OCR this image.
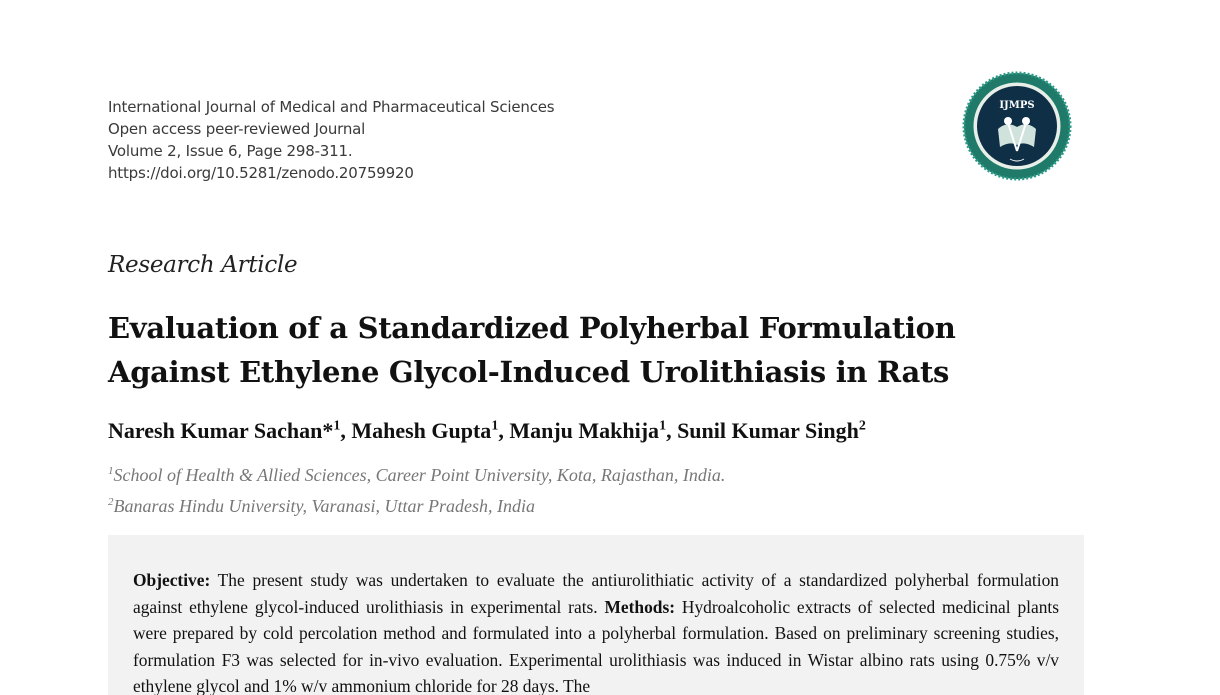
International Journal of Medical and Pharmaceutical Sciences
Open access peer-reviewed Journal
Volume 2, Issue 6, Page 298-311.
https://doi.org/10.5281/zenodo.20759920
IJMPS
Research Article
Evaluation of a Standardized Polyherbal Formulation
Against Ethylene Glycol-Induced Urolithiasis in Rats
Naresh Kumar Sachan*$^1$, Mahesh Gupta$^1$, Manju Makhija$^1$, Sunil Kumar Singh$^2$
$^1$School of Health & Allied Sciences, Career Point University, Kota, Rajasthan, India.
$^2$Banaras Hindu University, Varanasi, Uttar Pradesh, India

Objective: The present study was undertaken to evaluate the antiurolithiatic activity of a standardized polyherbal formulation against ethylene glycol-induced urolithiasis in experimental rats. Methods: Hydroalcoholic extracts of selected medicinal plants were prepared by cold percolation method and formulated into a polyherbal formulation. Based on preliminary screening studies, formulation F3 was selected for in-vivo evaluation. Experimental urolithiasis was induced in Wistar albino rats using 0.75% v/v ethylene glycol and 1% w/v ammonium chloride for 28 days. The
